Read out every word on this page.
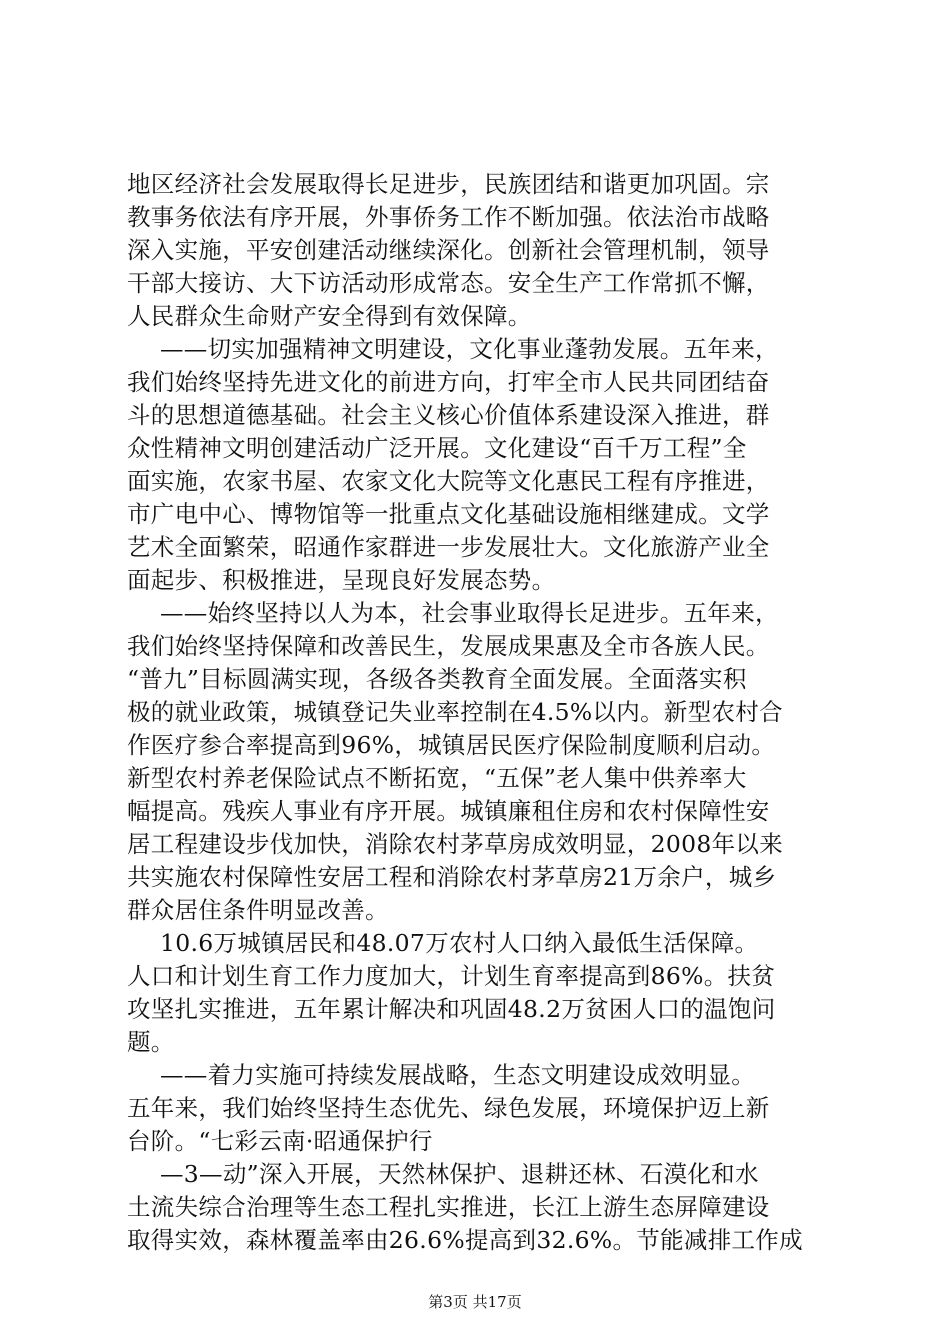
地区经济社会发展取得长足进步，民族团结和谐更加巩固。宗
教事务依法有序开展，外事侨务工作不断加强。依法治市战略
深入实施，平安创建活动继续深化。创新社会管理机制，领导
干部大接访、大下访活动形成常态。安全生产工作常抓不懈，
人民群众生命财产安全得到有效保障。
——切实加强精神文明建设，文化事业蓬勃发展。五年来，
我们始终坚持先进文化的前进方向，打牢全市人民共同团结奋
斗的思想道德基础。社会主义核心价值体系建设深入推进，群
众性精神文明创建活动广泛开展。文化建设“百千万工程”全
面实施，农家书屋、农家文化大院等文化惠民工程有序推进，
市广电中心、博物馆等一批重点文化基础设施相继建成。文学
艺术全面繁荣，昭通作家群进一步发展壮大。文化旅游产业全
面起步、积极推进，呈现良好发展态势。
——始终坚持以人为本，社会事业取得长足进步。五年来，
我们始终坚持保障和改善民生，发展成果惠及全市各族人民。
“普九”目标圆满实现，各级各类教育全面发展。全面落实积
极的就业政策，城镇登记失业率控制在4.5%以内。新型农村合
作医疗参合率提高到96%，城镇居民医疗保险制度顺利启动。
新型农村养老保险试点不断拓宽，“五保”老人集中供养率大
幅提高。残疾人事业有序开展。城镇廉租住房和农村保障性安
居工程建设步伐加快，消除农村茅草房成效明显，2008年以来
共实施农村保障性安居工程和消除农村茅草房21万余户，城乡
群众居住条件明显改善。
10.6万城镇居民和48.07万农村人口纳入最低生活保障。
人口和计划生育工作力度加大，计划生育率提高到86%。扶贫
攻坚扎实推进，五年累计解决和巩固48.2万贫困人口的温饱问
题。
——着力实施可持续发展战略，生态文明建设成效明显。
五年来，我们始终坚持生态优先、绿色发展，环境保护迈上新
台阶。“七彩云南·昭通保护行
—3—动”深入开展，天然林保护、退耕还林、石漠化和水
土流失综合治理等生态工程扎实推进，长江上游生态屏障建设
取得实效，森林覆盖率由26.6%提高到32.6%。节能减排工作成
第3页 共17页
